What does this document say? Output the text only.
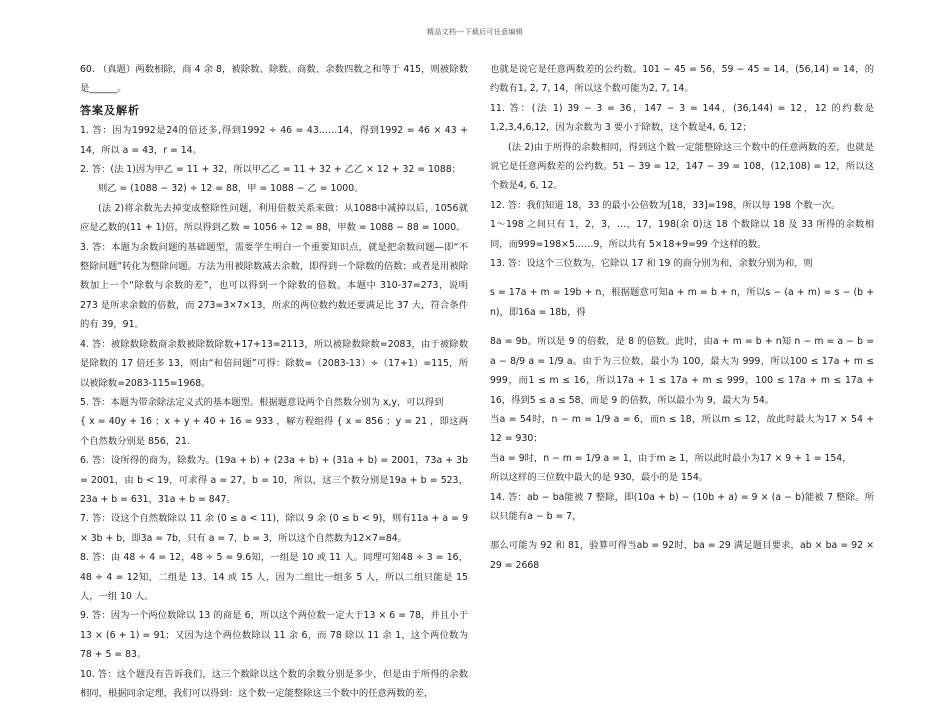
精品文档---下载后可任意编辑

60. （真题）两数相除，商 4 余 8，被除数、除数、商数、余数四数之和等于 415，则被除数是______。

答案及解析

1. 答：因为1992是24的倍还多,得到1992 ÷ 46 = 43……14，得到1992 = 46 × 43 + 14，所以 a = 43，r = 14。

2. 答：(法 1)因为甲乙 = 11 + 32，所以甲乙乙 = 11 + 32 + 乙乙 × 12 + 32 = 1088；

则乙 = (1088 − 32) ÷ 12 = 88，甲 = 1088 − 乙 = 1000。

(法 2)将余数先去掉变成整除性问题，利用倍数关系来做：从1088中减掉以后，1056就应是乙数的(11 + 1)倍，所以得到乙数 = 1056 ÷ 12 = 88，甲数 = 1088 − 88 = 1000。

3. 答：本题为余数问题的基础题型，需要学生明白一个重要知识点，就是把余数问题—即“不整除问题”转化为整除问题。方法为用被除数减去余数，即得到一个除数的倍数；或者是用被除数加上一个“除数与余数的差”，也可以得到一个除数的倍数。本题中 310-37=273，说明 273 是所求余数的倍数，而 273=3×7×13，所求的两位数约数还要满足比 37 大，符合条件的有 39，91。

4. 答：被除数除数商余数被除数除数+17+13=2113，所以被除数除数=2083，由于被除数是除数的 17 倍还多 13，则由“和倍问题”可得：除数=（2083-13）÷（17+1）=115，所以被除数=2083-115=1968。

5. 答：本题为带余除法定义式的基本题型。根据题意设两个自然数分别为 x,y，可以得到

{ x = 40y + 16 ；x + y + 40 + 16 = 933 ，解方程组得 { x = 856 ；y = 21 ，即这两个自然数分别是 856，21.

6. 答：设所得的商为，除数为。(19a + b) + (23a + b) + (31a + b) = 2001，73a + 3b = 2001，由 b < 19，可求得 a = 27，b = 10，所以，这三个数分别是19a + b = 523，23a + b = 631，31a + b = 847。

7. 答：设这个自然数除以 11 余 (0 ≤ a < 11)，除以 9 余 (0 ≤ b < 9)，则有11a + a = 9 × 3b + b，即3a = 7b，只有 a = 7，b = 3，所以这个自然数为12×7=84。

8. 答：由 48 ÷ 4 = 12，48 ÷ 5 = 9.6知，一组是 10 或 11 人。同理可知48 ÷ 3 = 16，48 ÷ 4 = 12知，二组是 13、14 或 15 人，因为二组比一组多 5 人，所以二组只能是 15 人，一组 10 人。

9. 答：因为一个两位数除以 13 的商是 6，所以这个两位数一定大于13 × 6 = 78，并且小于13 × (6 + 1) = 91；又因为这个两位数除以 11 余 6，而 78 除以 11 余 1，这个两位数为78 + 5 = 83。

10. 答：这个题没有告诉我们，这三个数除以这个数的余数分别是多少，但是由于所得的余数相同，根据同余定理，我们可以得到：这个数一定能整除这三个数中的任意两数的差，

也就是说它是任意两数差的公约数。101 − 45 = 56，59 − 45 = 14，(56,14) = 14，的约数有1, 2, 7, 14，所以这个数可能为2, 7, 14。

11. 答：(法 1) 39 − 3 = 36，147 − 3 = 144，(36,144) = 12，12 的约数是1,2,3,4,6,12，因为余数为 3 要小于除数，这个数是4, 6, 12；

(法 2)由于所得的余数相同，得到这个数一定能整除这三个数中的任意两数的差，也就是说它是任意两数差的公约数。51 − 39 = 12，147 − 39 = 108，(12,108) = 12，所以这个数是4, 6, 12。

12. 答：我们知道 18，33 的最小公倍数为[18，33]=198，所以每 198 个数一次。

1～198 之间只有 1，2，3，…，17，198(余 0)这 18 个数除以 18 及 33 所得的余数相同，而999=198×5……9，所以共有 5×18+9=99 个这样的数。

13. 答：设这个三位数为，它除以 17 和 19 的商分别为和，余数分别为和，则

s = 17a + m = 19b + n，根据题意可知a + m = b + n，所以s − (a + m) = s − (b + n)，即16a = 18b，得

8a = 9b。所以是 9 的倍数，是 8 的倍数。此时，由a + m = b + n知 n − m = a − b = a − 8/9 a = 1/9 a。由于为三位数，最小为 100，最大为 999，所以100 ≤ 17a + m ≤ 999，而1 ≤ m ≤ 16，所以17a + 1 ≤ 17a + m ≤ 999，100 ≤ 17a + m ≤ 17a + 16，得到5 ≤ a ≤ 58，而是 9 的倍数，所以最小为 9，最大为 54。

当a = 54时，n − m = 1/9 a = 6，而n ≤ 18，所以m ≤ 12，故此时最大为17 × 54 + 12 = 930；

当a = 9时，n − m = 1/9 a = 1，由于m ≥ 1，所以此时最小为17 × 9 + 1 = 154，

所以这样的三位数中最大的是 930，最小的是 154。

14. 答：ab − ba能被 7 整除，即(10a + b) − (10b + a) = 9 × (a − b)能被 7 整除。所以只能有a − b = 7，

那么可能为 92 和 81，验算可得当ab = 92时，ba = 29 满足题目要求，ab × ba = 92 × 29 = 2668
